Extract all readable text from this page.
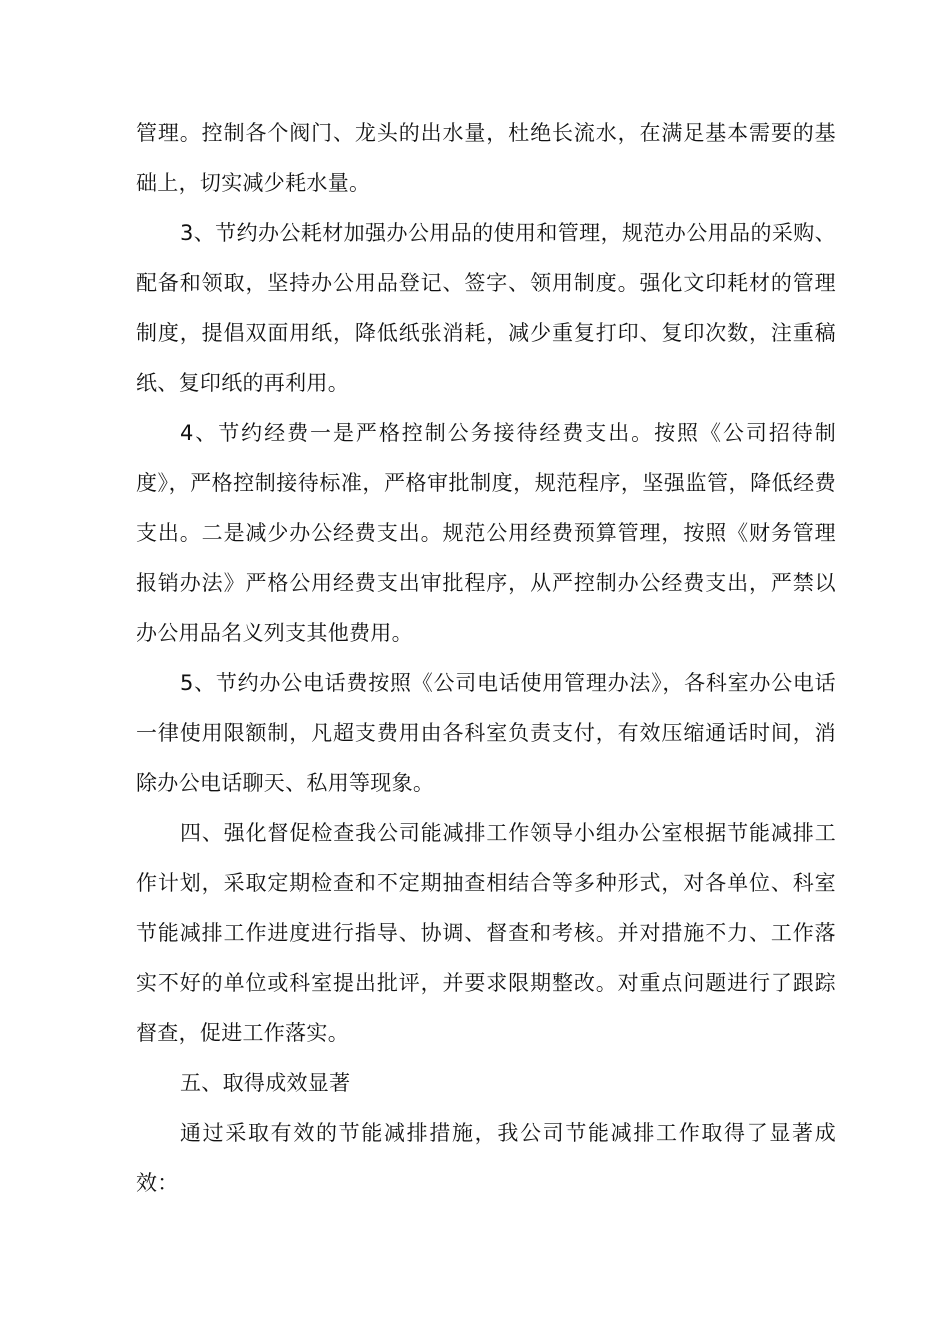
管理。控制各个阀门、龙头的出水量，杜绝长流水，在满足基本需要的基础上，切实减少耗水量。

3、节约办公耗材加强办公用品的使用和管理，规范办公用品的采购、配备和领取，坚持办公用品登记、签字、领用制度。强化文印耗材的管理制度，提倡双面用纸，降低纸张消耗，减少重复打印、复印次数，注重稿纸、复印纸的再利用。

4、节约经费一是严格控制公务接待经费支出。按照《公司招待制度》，严格控制接待标准，严格审批制度，规范程序，坚强监管，降低经费支出。二是减少办公经费支出。规范公用经费预算管理，按照《财务管理报销办法》严格公用经费支出审批程序，从严控制办公经费支出，严禁以办公用品名义列支其他费用。

5、节约办公电话费按照《公司电话使用管理办法》，各科室办公电话一律使用限额制，凡超支费用由各科室负责支付，有效压缩通话时间，消除办公电话聊天、私用等现象。

四、强化督促检查我公司能减排工作领导小组办公室根据节能减排工作计划，采取定期检查和不定期抽查相结合等多种形式，对各单位、科室节能减排工作进度进行指导、协调、督查和考核。并对措施不力、工作落实不好的单位或科室提出批评，并要求限期整改。对重点问题进行了跟踪督查，促进工作落实。

五、取得成效显著

通过采取有效的节能减排措施，我公司节能减排工作取得了显著成效：
